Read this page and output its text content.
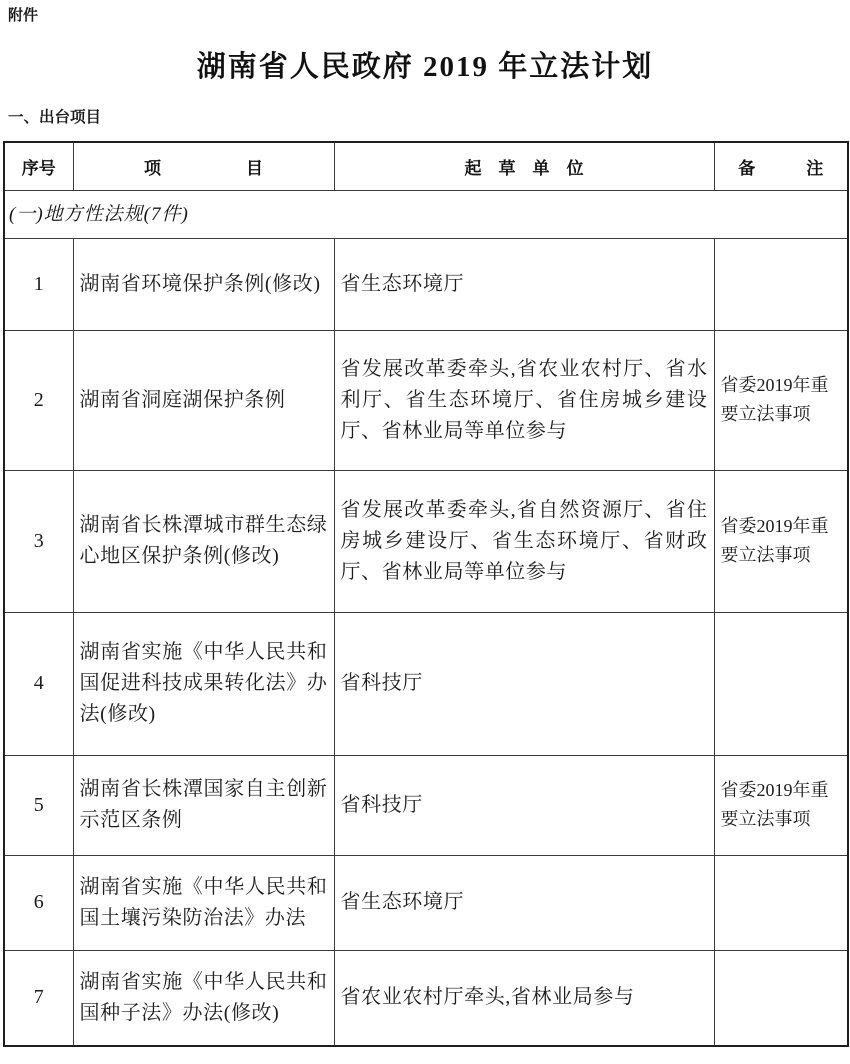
附件
湖南省人民政府 2019 年立法计划
一、出台项目
序号	项　　　　　目	起　草　单　位	备　　　注
(一)地方性法规(7件)			
1	湖南省环境保护条例(修改)	省生态环境厅	
2	湖南省洞庭湖保护条例	省发展改革委牵头,省农业农村厅、省水利厅、省生态环境厅、省住房城乡建设厅、省林业局等单位参与	省委2019年重要立法事项
3	湖南省长株潭城市群生态绿心地区保护条例(修改)	省发展改革委牵头,省自然资源厅、省住房城乡建设厅、省生态环境厅、省财政厅、省林业局等单位参与	省委2019年重要立法事项
4	湖南省实施《中华人民共和国促进科技成果转化法》办法(修改)	省科技厅	
5	湖南省长株潭国家自主创新示范区条例	省科技厅	省委2019年重要立法事项
6	湖南省实施《中华人民共和国土壤污染防治法》办法	省生态环境厅	
7	湖南省实施《中华人民共和国种子法》办法(修改)	省农业农村厅牵头,省林业局参与	
